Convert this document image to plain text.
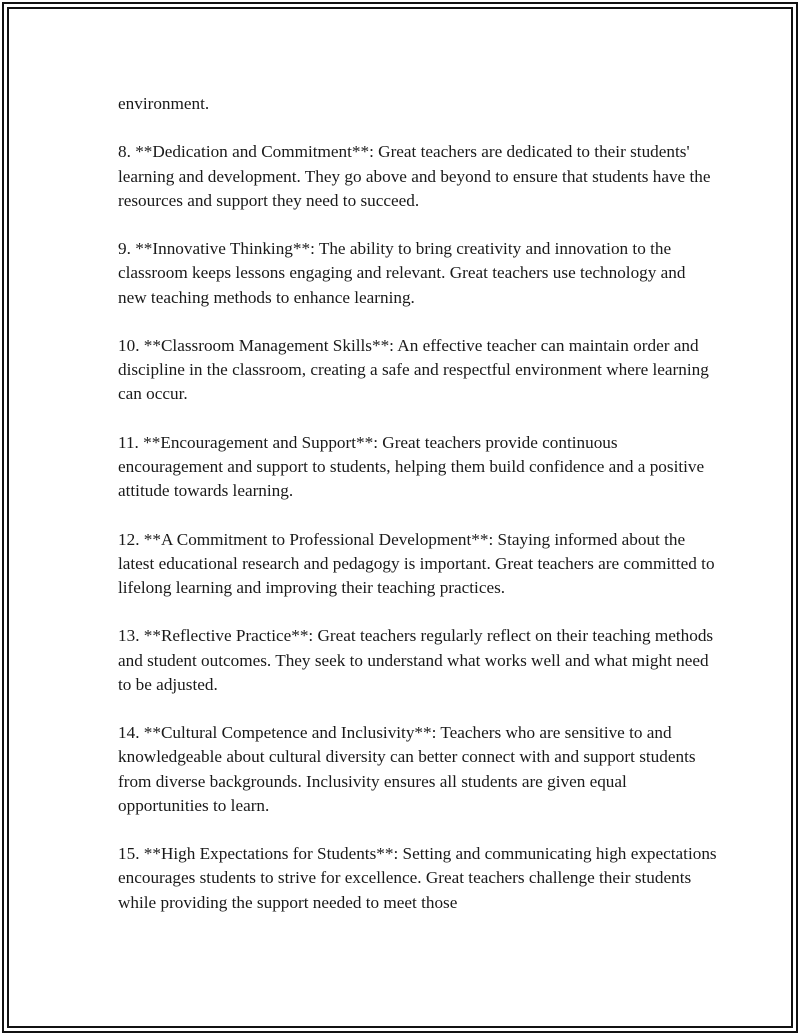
environment.

8. **Dedication and Commitment**: Great teachers are dedicated to their students' learning and development. They go above and beyond to ensure that students have the resources and support they need to succeed.

9. **Innovative Thinking**: The ability to bring creativity and innovation to the classroom keeps lessons engaging and relevant. Great teachers use technology and new teaching methods to enhance learning.

10. **Classroom Management Skills**: An effective teacher can maintain order and discipline in the classroom, creating a safe and respectful environment where learning can occur.

11. **Encouragement and Support**: Great teachers provide continuous encouragement and support to students, helping them build confidence and a positive attitude towards learning.

12. **A Commitment to Professional Development**: Staying informed about the latest educational research and pedagogy is important. Great teachers are committed to lifelong learning and improving their teaching practices.

13. **Reflective Practice**: Great teachers regularly reflect on their teaching methods and student outcomes. They seek to understand what works well and what might need to be adjusted.

14. **Cultural Competence and Inclusivity**: Teachers who are sensitive to and knowledgeable about cultural diversity can better connect with and support students from diverse backgrounds. Inclusivity ensures all students are given equal opportunities to learn.

15. **High Expectations for Students**: Setting and communicating high expectations encourages students to strive for excellence. Great teachers challenge their students while providing the support needed to meet those
